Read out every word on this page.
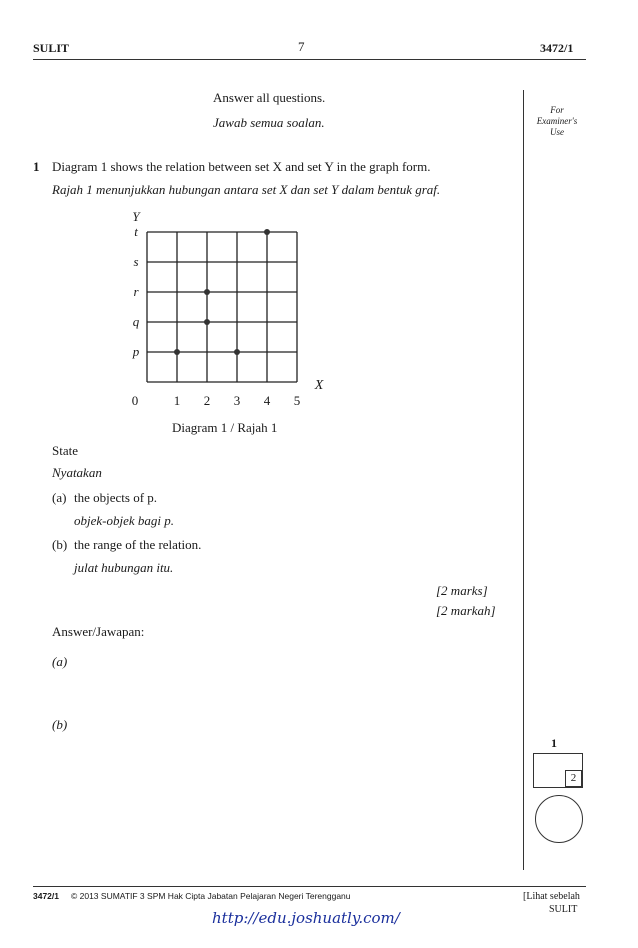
SULIT	7	3472/1
For
Examiner's
Use
Answer all questions.
Jawab semua soalan.
1 Diagram 1 shows the relation between set X and set Y in the graph form.
Rajah 1 menunjukkan hubungan antara set X dan set Y dalam bentuk graf.
1 2 3 4 5
p
q
r
s
t
0
Y
X
Diagram 1 / Rajah 1
State
Nyatakan
(a) the objects of p.
objek-objek bagi p.
(b) the range of the relation.
julat hubungan itu.
[2 marks]
[2 markah]
Answer/Jawapan:
(a)
(b)
1
2
3472/1 © 2013 SUMATIF 3 SPM Hak Cipta Jabatan Pelajaran Negeri Terengganu	[Lihat sebelah
SULIT
http://edu.joshuatly.com/
